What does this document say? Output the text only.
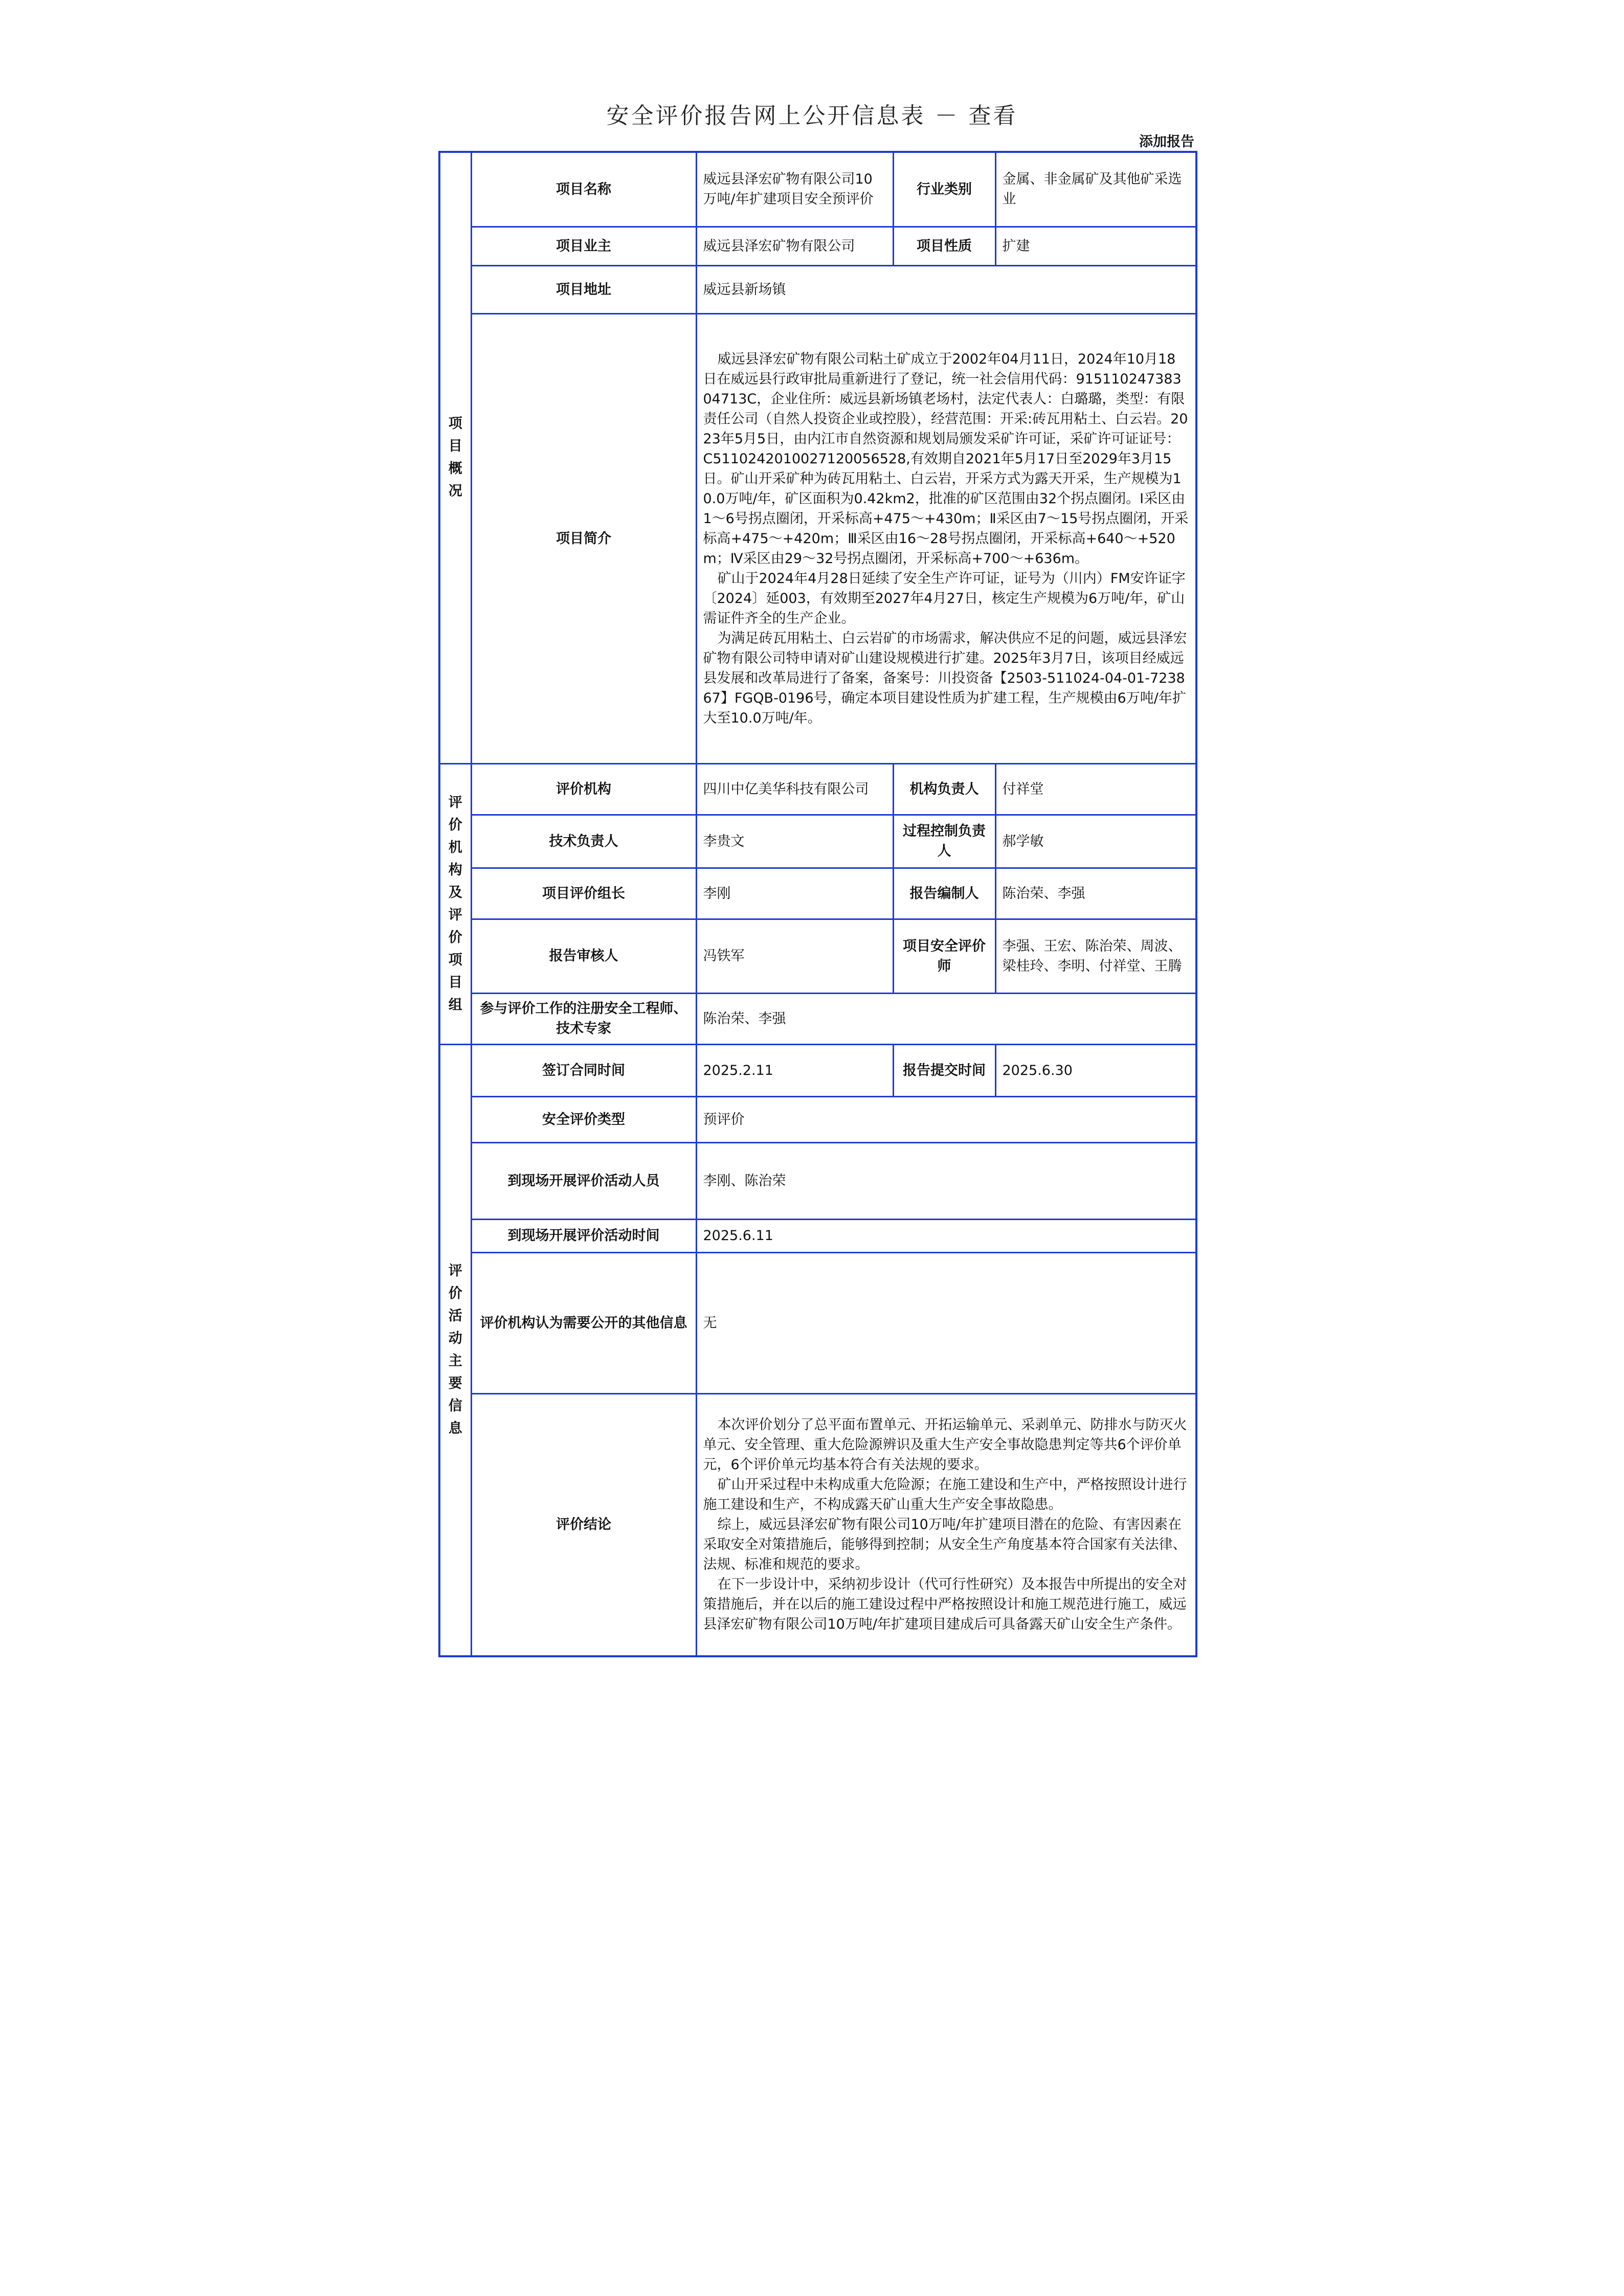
安全评价报告网上公开信息表 － 查看
添加报告
项目概况	项目名称	威远县泽宏矿物有限公司10万吨/年扩建项目安全预评价	行业类别	金属、非金属矿及其他矿采选业
	项目业主	威远县泽宏矿物有限公司	项目性质	扩建
	项目地址	威远县新场镇		
	项目简介	威远县泽宏矿物有限公司粘土矿成立于2002年04月11日，2024年10月18日在威远县行政审批局重新进行了登记，统一社会信用代码：91511024738304713C，企业住所：威远县新场镇老场村，法定代表人：白璐璐，类型：有限责任公司（自然人投资企业或控股），经营范围：开采:砖瓦用粘土、白云岩。2023年5月5日，由内江市自然资源和规划局颁发采矿许可证，采矿许可证证号：C5110242010027120056528,有效期自2021年5月17日至2029年3月15日。矿山开采矿种为砖瓦用粘土、白云岩，开采方式为露天开采，生产规模为10.0万吨/年，矿区面积为0.42km2，批准的矿区范围由32个拐点圈闭。Ⅰ采区由1～6号拐点圈闭，开采标高+475～+430m；Ⅱ采区由7～15号拐点圈闭，开采标高+475～+420m；Ⅲ采区由16～28号拐点圈闭，开采标高+640～+520m；Ⅳ采区由29～32号拐点圈闭，开采标高+700～+636m。

矿山于2024年4月28日延续了安全生产许可证，证号为（川内）FM安许证字〔2024〕延003，有效期至2027年4月27日，核定生产规模为6万吨/年，矿山需证件齐全的生产企业。

为满足砖瓦用粘土、白云岩矿的市场需求，解决供应不足的问题，威远县泽宏矿物有限公司特申请对矿山建设规模进行扩建。2025年3月7日，该项目经威远县发展和改革局进行了备案，备案号：川投资备【2503-511024-04-01-723867】FGQB-0196号，确定本项目建设性质为扩建工程，生产规模由6万吨/年扩大至10.0万吨/年。		

评价机构及评价项目组	评价机构	四川中亿美华科技有限公司	机构负责人	付祥堂
	技术负责人	李贵文	过程控制负责人	郝学敏
	项目评价组长	李刚	报告编制人	陈治荣、李强
	报告审核人	冯铁军	项目安全评价师	李强、王宏、陈治荣、周波、梁桂玲、李明、付祥堂、王腾
	参与评价工作的注册安全工程师、技术专家	陈治荣、李强		

评价活动主要信息	签订合同时间	2025.2.11	报告提交时间	2025.6.30
	安全评价类型	预评价		
	到现场开展评价活动人员	李刚、陈治荣		
	到现场开展评价活动时间	2025.6.11		
	评价机构认为需要公开的其他信息	无		
	评价结论	本次评价划分了总平面布置单元、开拓运输单元、采剥单元、防排水与防灭火单元、安全管理、重大危险源辨识及重大生产安全事故隐患判定等共6个评价单元，6个评价单元均基本符合有关法规的要求。

矿山开采过程中未构成重大危险源；在施工建设和生产中，严格按照设计进行施工建设和生产，不构成露天矿山重大生产安全事故隐患。

综上，威远县泽宏矿物有限公司10万吨/年扩建项目潜在的危险、有害因素在采取安全对策措施后，能够得到控制；从安全生产角度基本符合国家有关法律、法规、标准和规范的要求。

在下一步设计中，采纳初步设计（代可行性研究）及本报告中所提出的安全对策措施后，并在以后的施工建设过程中严格按照设计和施工规范进行施工，威远县泽宏矿物有限公司10万吨/年扩建项目建成后可具备露天矿山安全生产条件。		
